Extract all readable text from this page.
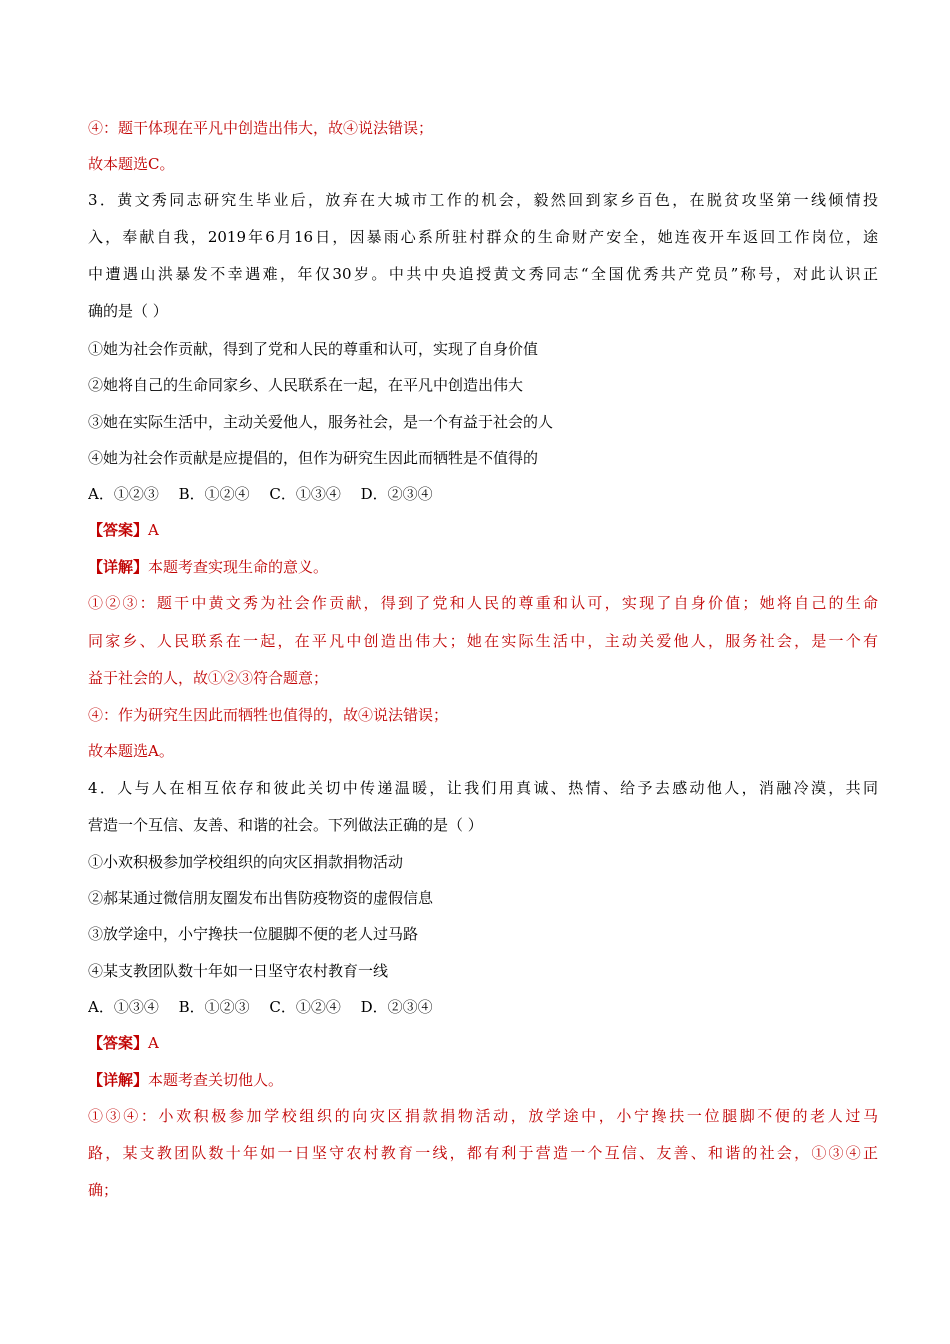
④：题干体现在平凡中创造出伟大，故④说法错误；
故本题选C。
3．黄文秀同志研究生毕业后，放弃在大城市工作的机会，毅然回到家乡百色，在脱贫攻坚第一线倾情投
入，奉献自我，2019年6月16日，因暴雨心系所驻村群众的生命财产安全，她连夜开车返回工作岗位，途
中遭遇山洪暴发不幸遇难，年仅30岁。中共中央追授黄文秀同志“全国优秀共产党员”称号，对此认识正
确的是（ ）
①她为社会作贡献，得到了党和人民的尊重和认可，实现了自身价值
②她将自己的生命同家乡、人民联系在一起，在平凡中创造出伟大
③她在实际生活中，主动关爱他人，服务社会，是一个有益于社会的人
④她为社会作贡献是应提倡的，但作为研究生因此而牺牲是不值得的
A．①②③　 B．①②④　 C．①③④　 D．②③④
【答案】A
【详解】本题考查实现生命的意义。
①②③：题干中黄文秀为社会作贡献，得到了党和人民的尊重和认可，实现了自身价值；她将自己的生命
同家乡、人民联系在一起，在平凡中创造出伟大；她在实际生活中，主动关爱他人，服务社会，是一个有
益于社会的人，故①②③符合题意；
④：作为研究生因此而牺牲也值得的，故④说法错误；
故本题选A。
4．人与人在相互依存和彼此关切中传递温暖，让我们用真诚、热情、给予去感动他人，消融冷漠，共同
营造一个互信、友善、和谐的社会。下列做法正确的是（ ）
①小欢积极参加学校组织的向灾区捐款捐物活动
②郝某通过微信朋友圈发布出售防疫物资的虚假信息
③放学途中，小宁搀扶一位腿脚不便的老人过马路
④某支教团队数十年如一日坚守农村教育一线
A．①③④　 B．①②③　 C．①②④　 D．②③④
【答案】A
【详解】本题考查关切他人。
①③④：小欢积极参加学校组织的向灾区捐款捐物活动，放学途中，小宁搀扶一位腿脚不便的老人过马
路，某支教团队数十年如一日坚守农村教育一线，都有利于营造一个互信、友善、和谐的社会，①③④正
确；
